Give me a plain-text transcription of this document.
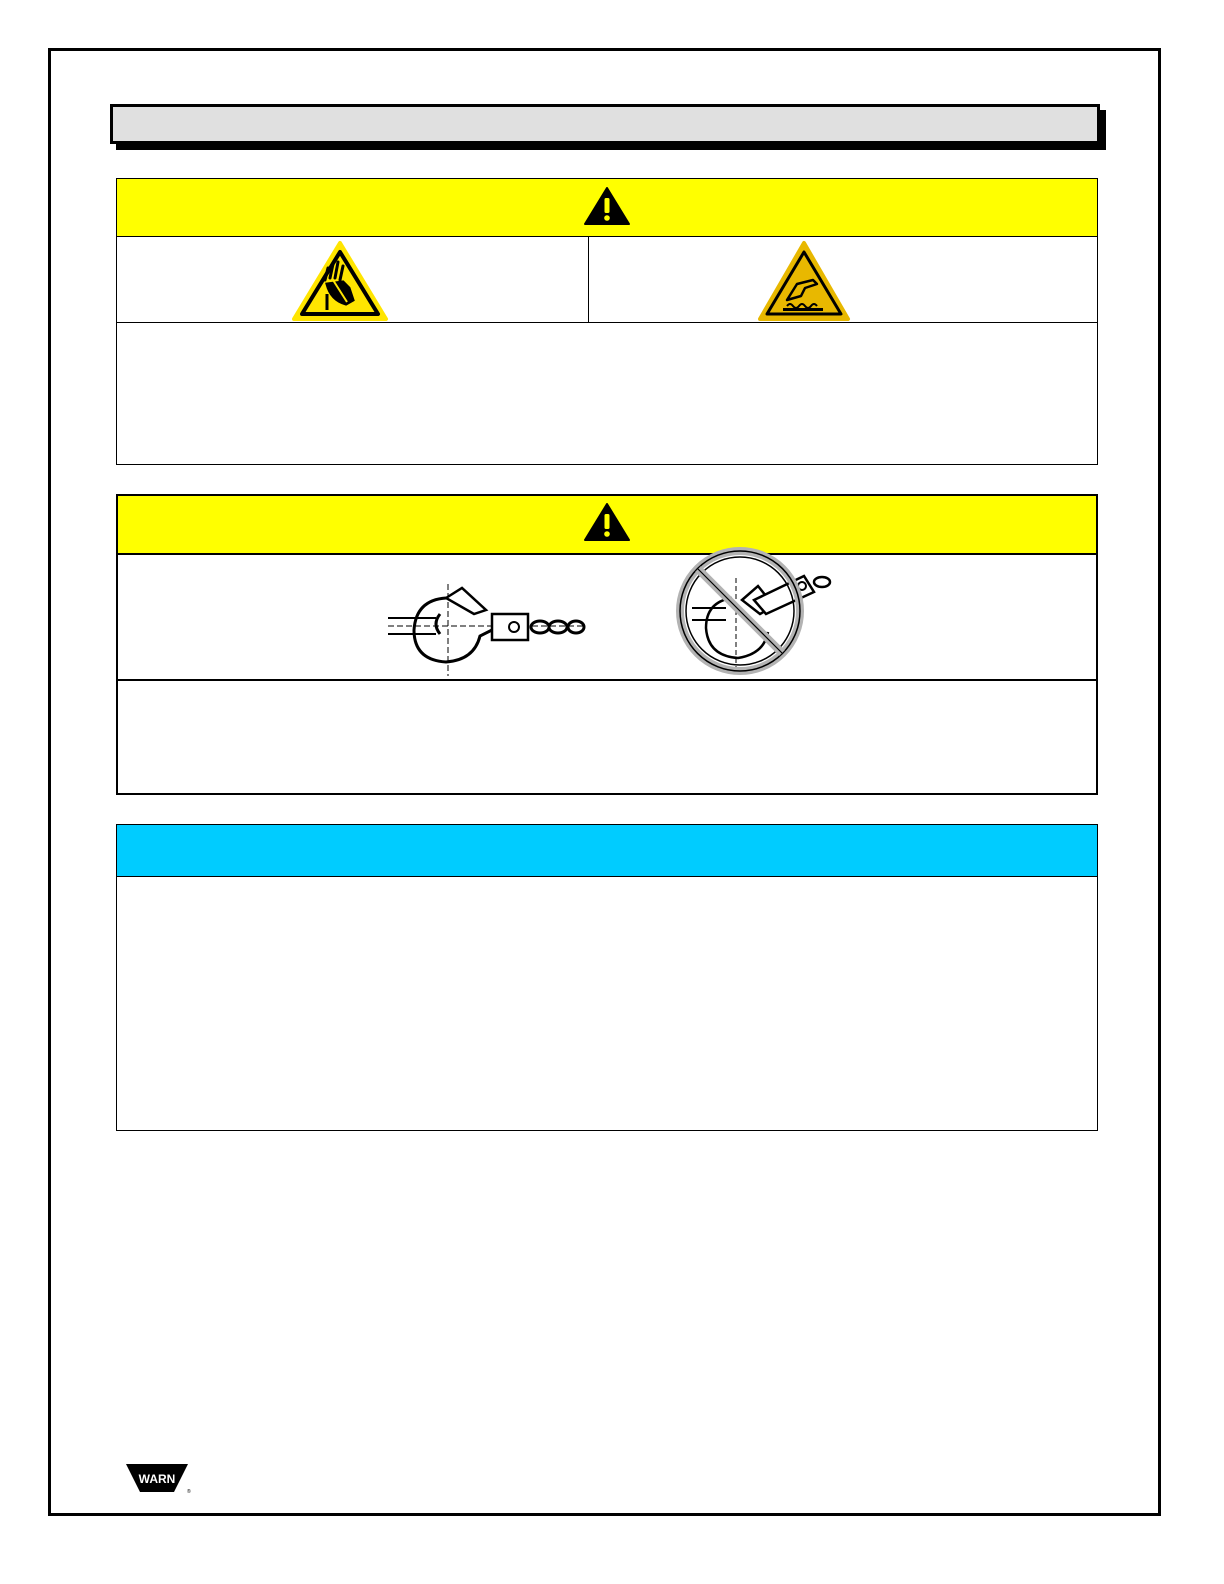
WARN
®
